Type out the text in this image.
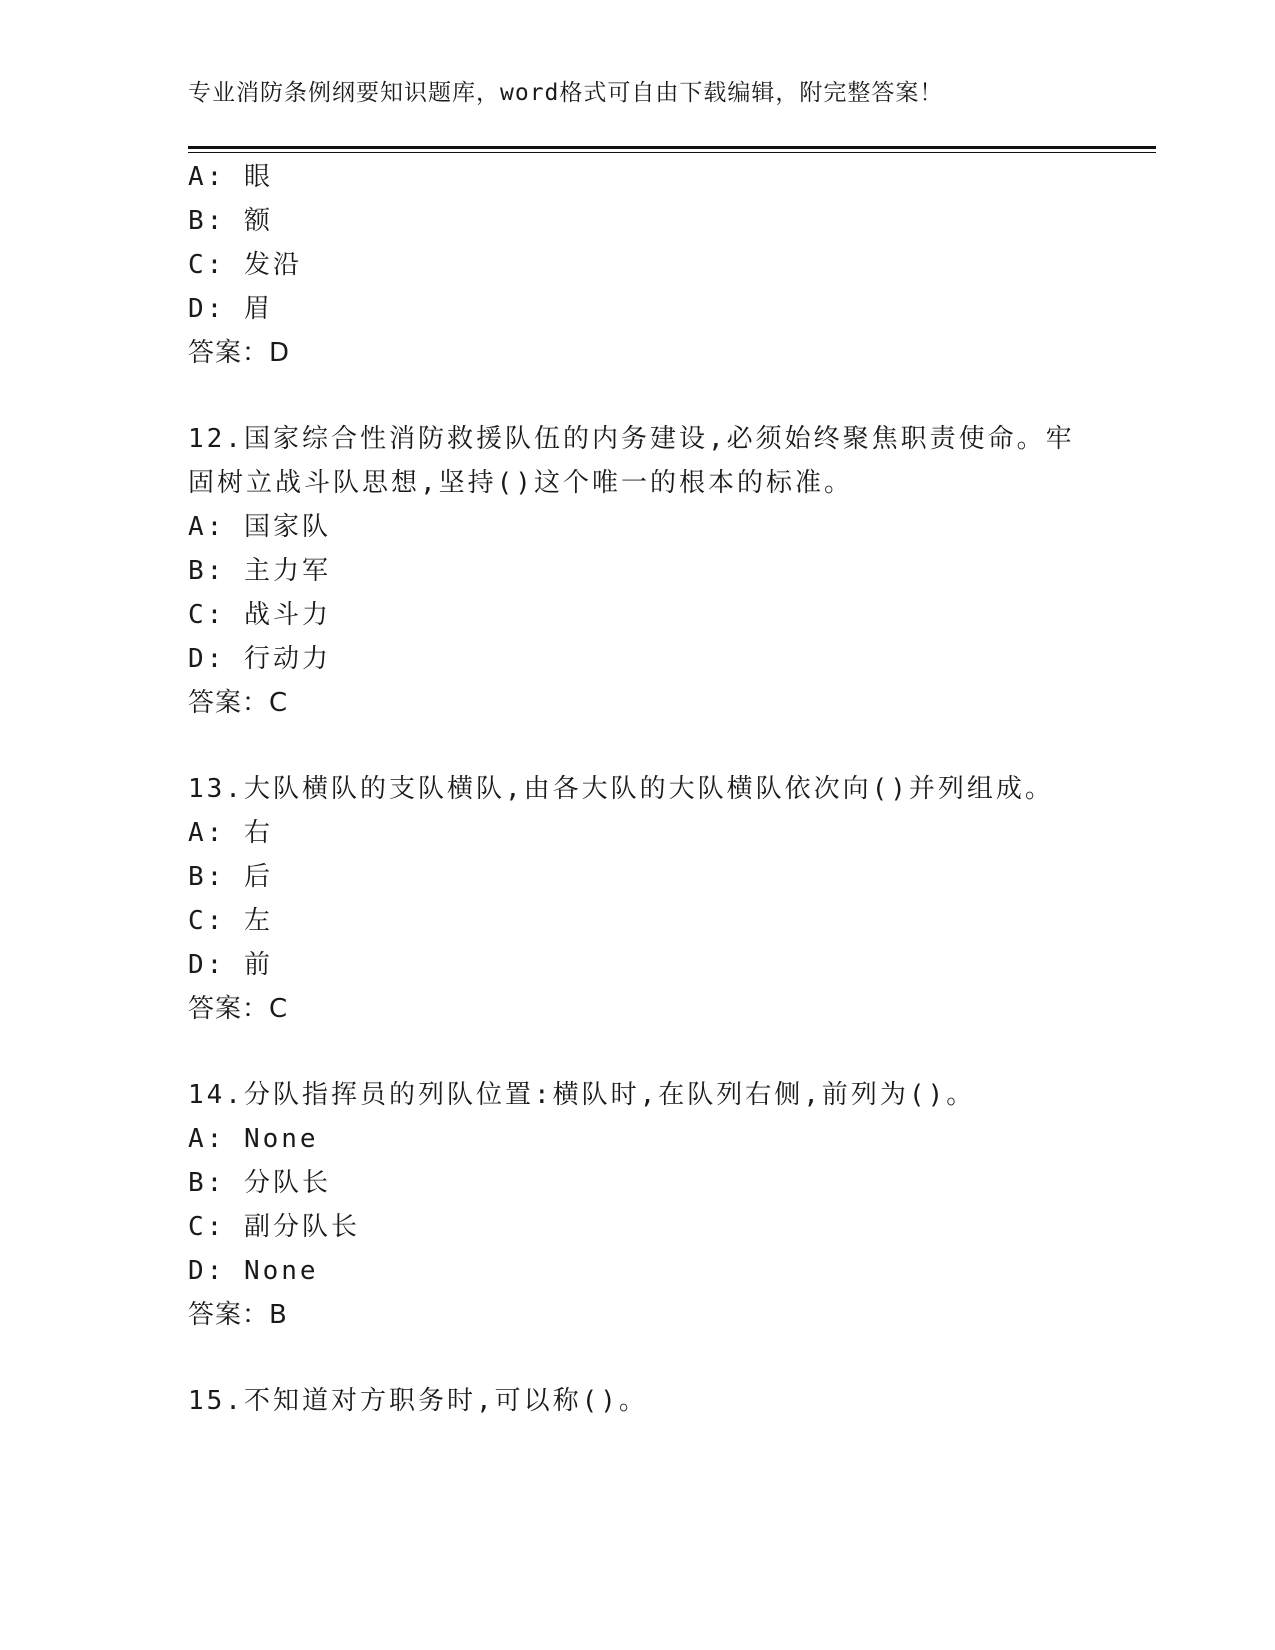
专业消防条例纲要知识题库，word格式可自由下载编辑，附完整答案！
A: 眼
B: 额
C: 发沿
D: 眉
答案：D
12.国家综合性消防救援队伍的内务建设,必须始终聚焦职责使命。牢
固树立战斗队思想,坚持()这个唯一的根本的标准。
A: 国家队
B: 主力军
C: 战斗力
D: 行动力
答案：C
13.大队横队的支队横队,由各大队的大队横队依次向()并列组成。
A: 右
B: 后
C: 左
D: 前
答案：C
14.分队指挥员的列队位置:横队时,在队列右侧,前列为()。
A: None
B: 分队长
C: 副分队长
D: None
答案：B
15.不知道对方职务时,可以称()。
